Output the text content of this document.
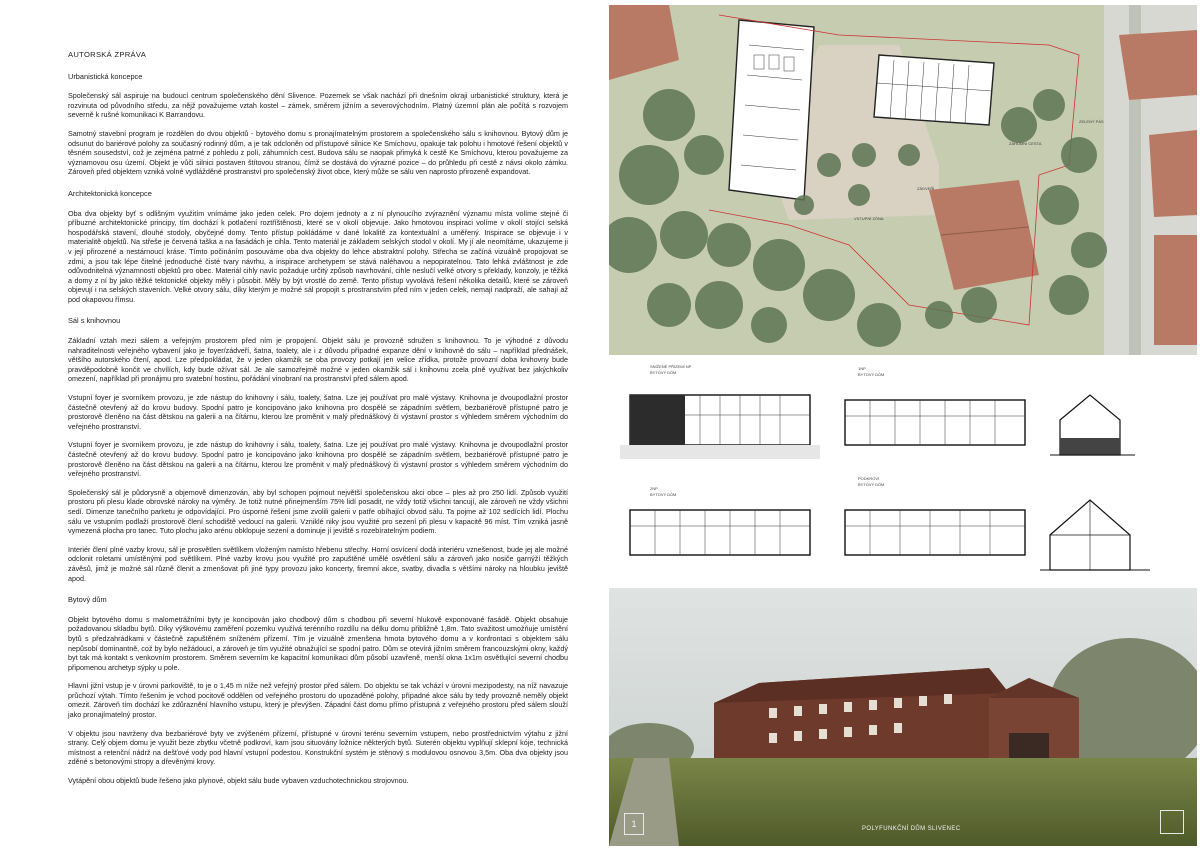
AUTORSKÁ ZPRÁVA
Urbanistická koncepce

Společenský sál aspiruje na budoucí centrum společenského dění Slivence. Pozemek se však nachází při dnešním okraji urbanistické struktury, která je rozvinuta od původního středu, za nějž považujeme vztah kostel – zámek, směrem jižním a severovýchodním. Platný územní plán ale počítá s rozvojem severně k rušné komunikaci K Barrandovu.

Samotný stavební program je rozdělen do dvou objektů - bytového domu s pronajímatelným prostorem a společenského sálu s knihovnou. Bytový dům je odsunut do bariérové polohy za současný rodinný dům, a je tak odcloněn od přístupové silnice Ke Smíchovu, opakuje tak polohu i hmotové řešení objektů v těsném sousedství, což je zejména patrné z pohledu z polí, záhumních cest. Budova sálu se naopak přimyká k cestě Ke Smíchovu, kterou považujeme za významovou osu území. Objekt je vůči silnici postaven štítovou stranou, čímž se dostává do výrazné pozice – do průhledu při cestě z návsi okolo zámku. Zároveň před objektem vzniká volné vydlážděné prostranství pro společenský život obce, který může se sálu ven naprosto přirozeně expandovat.

Architektonická koncepce

Oba dva objekty byť s odlišným využitím vnímáme jako jeden celek. Pro dojem jednoty a z ní plynoucího zvýraznění významu místa volíme stejné či příbuzné architektonické principy, tím dochází k potlačení roztříštěnosti, které se v okolí objevuje. Jako hmotovou inspiraci volíme v okolí stojící selská hospodářská stavení, dlouhé stodoly, obyčejné domy. Tento přístup pokládáme v dané lokalitě za kontextuální a uměřený. Inspirace se objevuje i v materialitě objektů. Na střeše je červená taška a na fasádách je cihla. Tento materiál je základem selských stodol v okolí. My jí ale neomítáme, ukazujeme ji v její přirozené a nestárnoucí kráse. Tímto počináním posouváme oba dva objekty do lehce abstraktní polohy. Střecha se začíná vizuálně propojovat se zdmi, a jsou tak lépe čitelné jednoduché čisté tvary návrhu, a inspirace archetypem se stává naléhavou a nepopiratelnou. Tato lehká zvláštnost je zde odůvodnitelná významností objektů pro obec. Materiál cihly navíc požaduje určitý způsob navrhování, cihle neslučí velké otvory s překlady, konzoly, je těžká a domy z ní by jako těžké tektonické objekty měly i působit. Měly by být vrostlé do země. Tento přístup vyvolává řešení několika detailů, které se zároveň objevují i na selských staveních. Velké otvory sálu, díky kterým je možné sál propojit s prostranstvím před ním v jeden celek, nemají nadpraží, ale sahají až pod okapovou římsu.

Sál s knihovnou

Základní vztah mezi sálem a veřejným prostorem před ním je propojení. Objekt sálu je provozně sdružen s knihovnou. To je výhodné z důvodu nahraditelnosti veřejného vybavení jako je foyer/zádveří, šatna, toalety, ale i z důvodu případné expanze dění v knihovně do sálu – například přednášek, většího autorského čtení, apod. Lze předpokládat, že v jeden okamžik se oba provozy potkají jen velice zřídka, protože provozní doba knihovny bude pravděpodobně končit ve chvílích, kdy bude ožívat sál. Je ale samozřejmě možné v jeden okamžik sál i knihovnu zcela plně využívat bez jakýchkoliv omezení, například při pronájmu pro svatební hostinu, pořádání vinobraní na prostranství před sálem apod.

Vstupní foyer je svorníkem provozu, je zde nástup do knihovny i sálu, toalety, šatna. Lze jej používat pro malé výstavy. Knihovna je dvoupodlažní prostor částečně otevřený až do krovu budovy. Spodní patro je koncipováno jako knihovna pro dospělé se západním světlem, bezbariérově přístupné patro je prostorově členěno na část dětskou na galerii a na čítárnu, kterou lze proměnit v malý přednáškový či výstavní prostor s výhledem směrem východním do veřejného prostranství.

Vstupní foyer je svorníkem provozu, je zde nástup do knihovny i sálu, toalety, šatna. Lze jej používat pro malé výstavy. Knihovna je dvoupodlažní prostor částečně otevřený až do krovu budovy. Spodní patro je koncipováno jako knihovna pro dospělé se západním světlem, bezbariérově přístupné patro je prostorově členěno na část dětskou na galerii a na čítárnu, kterou lze proměnit v malý přednáškový či výstavní prostor s výhledem směrem východním do veřejného prostranství.

Společenský sál je půdorysně a objemově dimenzován, aby byl schopen pojmout největší společenskou akci obce – ples až pro 250 lidí. Způsob využití prostoru při plesu klade obrovské nároky na výměry. Je totiž nutné přinejmenším 75% lidí posadit, ne vždy totiž všichni tancují, ale zároveň ne vždy všichni sedí. Dimenze tanečního parketu je odpovídající. Pro úsporné řešení jsme zvolili galerii v patře obíhající obvod sálu. Ta pojme až 102 sedících lidí. Plochu sálu ve vstupním podlaží prostorově člení schodiště vedoucí na galerii. Vzniklé niky jsou využité pro sezení při plesu v kapacitě 96 míst. Tím vzniká jasně vymezená plocha pro tanec. Tuto plochu jako arénu obklopuje sezení a dominuje jí jeviště s rozebíratelným podiem.

Interiér člení plné vazby krovu, sál je prosvětlen světlíkem vloženým namísto hřebenu střechy. Horní osvícení dodá interiéru vznešenost, bude jej ale možné odclonit roletami umístěnými pod světlíkem. Plné vazby krovu jsou využité pro zapuštěné umělé osvětlení sálu a zároveň jako nosiče garnýží těžkých závěsů, jimž je možné sál různě členit a zmenšovat při jiné typy provozu jako koncerty, firemní akce, svatby, divadla s většími nároky na hloubku jeviště apod.

Bytový dům

Objekt bytového domu s malometrážními byty je koncipován jako chodbový dům s chodbou při severní hlukově exponované fasádě. Objekt obsahuje požadovanou skladbu bytů. Díky výškovému zaměření pozemku využívá terénního rozdílu na délku domu přibližně 1,8m. Tato svažitost umožňuje umístění bytů s předzahrádkami v částečně zapuštěném sníženém přízemí. Tím je vizuálně zmenšena hmota bytového domu a v konfrontaci s objektem sálu nepůsobí dominantně, což by bylo nežádoucí, a zároveň je tím využité obnažující se spodní patro. Dům se otevírá jižním směrem francouzskými okny, každý byt tak má kontakt s venkovním prostorem. Směrem severním ke kapacitní komunikaci dům působí uzavřeně, menší okna 1x1m osvětlující severní chodbu připomenou archetyp sýpky u pole.

Hlavní jižní vstup je v úrovni parkoviště, to je o 1,45 m níže než veřejný prostor před sálem. Do objektu se tak vchází v úrovni mezipodesty, na níž navazuje průchozí výtah. Tímto řešením je vchod pocitově oddělen od veřejného prostoru do upozaděné polohy, případné akce sálu by tedy provozně neměly objekt omezit. Zároveň tím dochází ke zdůraznění hlavního vstupu, který je převýšen. Západní část domu přímo přístupná z veřejného prostoru před sálem slouží jako pronajímatelný prostor.

V objektu jsou navrženy dva bezbariérové byty ve zvýšeném přízemí, přístupné v úrovni terénu severním vstupem, nebo prostřednictvím výtahu z jižní strany. Celý objem domu je využit beze zbytku včetně podkroví, kam jsou situovány ložnice některých bytů. Suterén objektu vyplňují sklepní kóje, technická místnost a retenční nádrž na dešťové vody pod hlavní vstupní podestou. Konstrukční systém je stěnový s modulovou osnovou 3,5m. Oba dva objekty jsou zděné s betonovými stropy a dřevěnými krovy.

Vytápění obou objektů bude řešeno jako plynové, objekt sálu bude vybaven vzduchotechnickou strojovnou.

VSTUPNÍ ZÓNA
ZÁDVEŘÍ
ZELENÝ PÁS
ZÁHUMNÍ CESTA
SNÍŽENÉ PŘÍZEMÍ NP
BYTOVÝ DŮM
1NP
BYTOVÝ DŮM
2NP
BYTOVÝ DŮM
PODKROVÍ
BYTOVÝ DŮM
1	POLYFUNKČNÍ DŮM SLIVENEC
